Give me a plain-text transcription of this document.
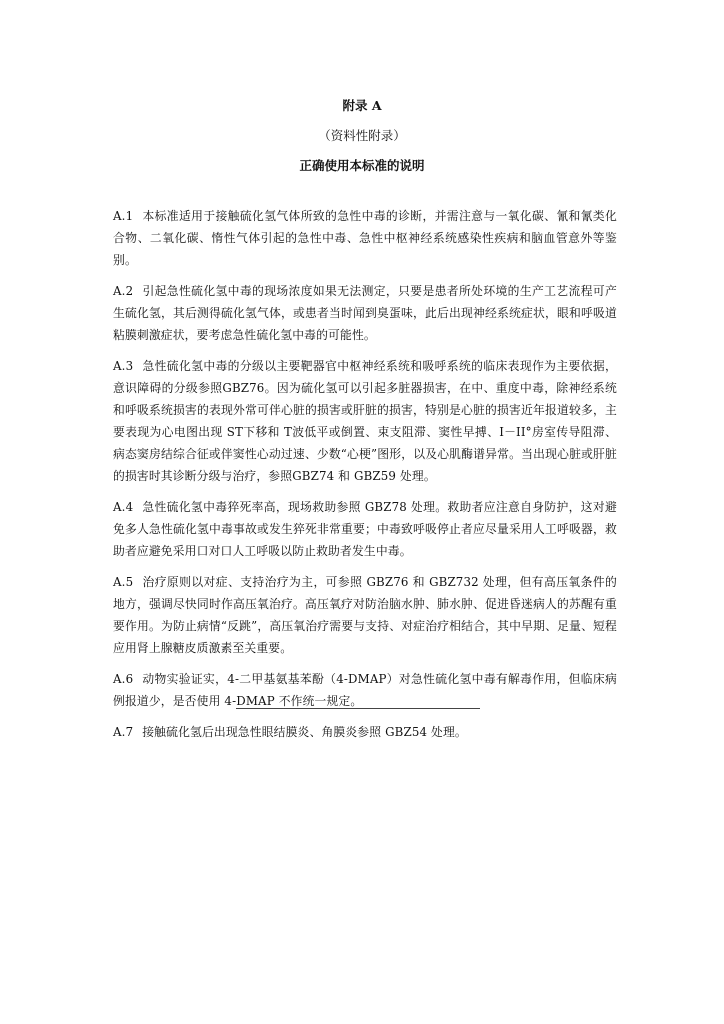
附录 A
（资料性附录）
正确使用本标准的说明

A.1 本标准适用于接触硫化氢气体所致的急性中毒的诊断，并需注意与一氧化碳、氰和氰类化合物、二氧化碳、惰性气体引起的急性中毒、急性中枢神经系统感染性疾病和脑血管意外等鉴别。

A.2 引起急性硫化氢中毒的现场浓度如果无法测定，只要是患者所处环境的生产工艺流程可产生硫化氢，其后测得硫化氢气体，或患者当时闻到臭蛋味，此后出现神经系统症状，眼和呼吸道粘膜刺激症状，要考虑急性硫化氢中毒的可能性。

A.3 急性硫化氢中毒的分级以主要靶器官中枢神经系统和吸呼系统的临床表现作为主要依据，意识障碍的分级参照GBZ76。因为硫化氢可以引起多脏器损害，在中、重度中毒，除神经系统和呼吸系统损害的表现外常可伴心脏的损害或肝脏的损害，特别是心脏的损害近年报道较多，主要表现为心电图出现 ST下移和 T波低平或倒置、束支阻滞、窦性早搏、I－II°房室传导阻滞、病态窦房结综合征或伴窦性心动过速、少数“心梗”图形，以及心肌酶谱异常。当出现心脏或肝脏的损害时其诊断分级与治疗，参照GBZ74 和 GBZ59 处理。

A.4 急性硫化氢中毒猝死率高，现场救助参照 GBZ78 处理。救助者应注意自身防护，这对避免多人急性硫化氢中毒事故或发生猝死非常重要；中毒致呼吸停止者应尽量采用人工呼吸器，救助者应避免采用口对口人工呼吸以防止救助者发生中毒。

A.5 治疗原则以对症、支持治疗为主，可参照 GBZ76 和 GBZ732 处理，但有高压氧条件的地方，强调尽快同时作高压氧治疗。高压氧疗对防治脑水肿、肺水肿、促进昏迷病人的苏醒有重要作用。为防止病情“反跳”，高压氧治疗需要与支持、对症治疗相结合，其中早期、足量、短程应用肾上腺糖皮质激素至关重要。

A.6 动物实验证实，4-二甲基氨基苯酚（4-DMAP）对急性硫化氢中毒有解毒作用，但临床病例报道少，是否使用 4-DMAP 不作统一规定。

A.7 接触硫化氢后出现急性眼结膜炎、角膜炎参照 GBZ54 处理。
